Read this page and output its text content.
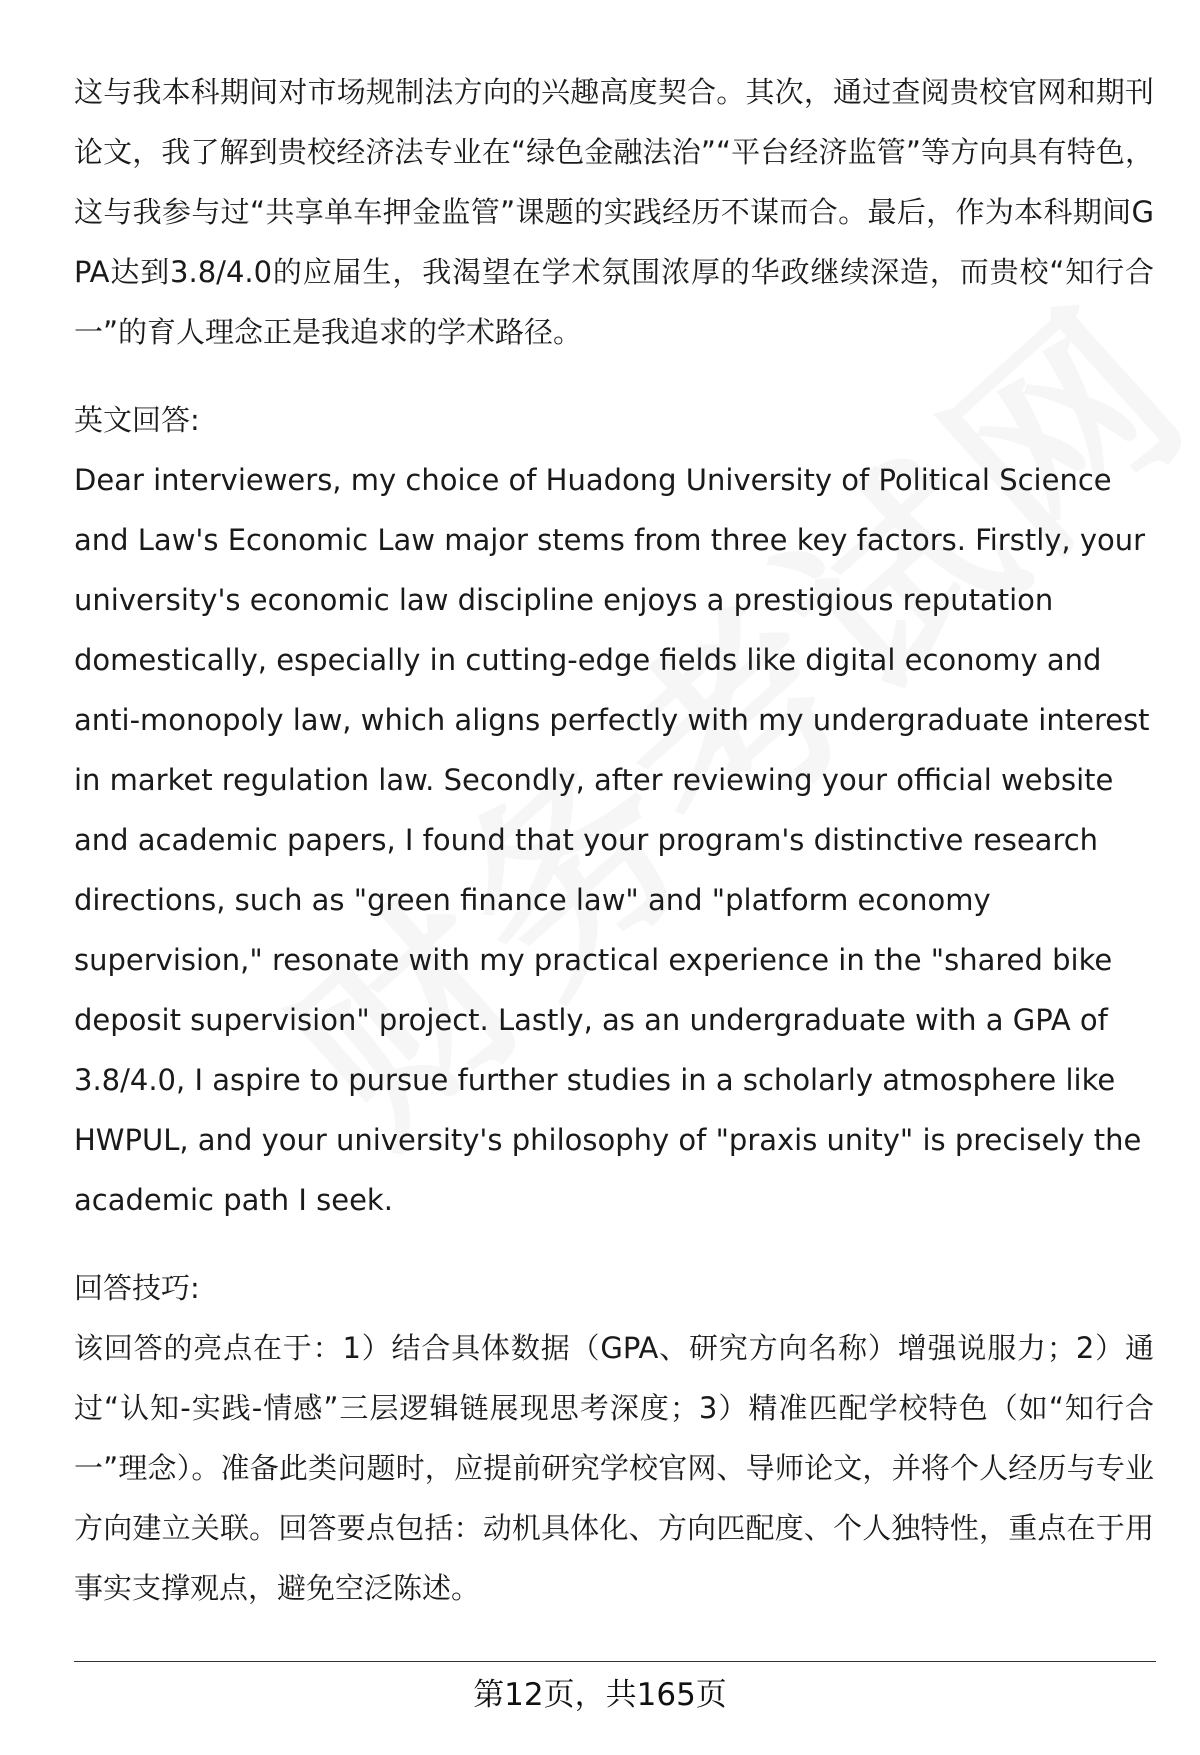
这与我本科期间对市场规制法方向的兴趣高度契合。其次，通过查阅贵校官网和期刊论文，我了解到贵校经济法专业在“绿色金融法治”“平台经济监管”等方向具有特色，这与我参与过“共享单车押金监管”课题的实践经历不谋而合。最后，作为本科期间GPA达到3.8/4.0的应届生，我渴望在学术氛围浓厚的华政继续深造，而贵校“知行合一”的育人理念正是我追求的学术路径。

英文回答:

Dear interviewers, my choice of Huadong University of Political Science and Law's Economic Law major stems from three key factors. Firstly, your university's economic law discipline enjoys a prestigious reputation domestically, especially in cutting-edge fields like digital economy and anti-monopoly law, which aligns perfectly with my undergraduate interest in market regulation law. Secondly, after reviewing your official website and academic papers, I found that your program's distinctive research directions, such as "green finance law" and "platform economy supervision," resonate with my practical experience in the "shared bike deposit supervision" project. Lastly, as an undergraduate with a GPA of 3.8/4.0, I aspire to pursue further studies in a scholarly atmosphere like HWPUL, and your university's philosophy of "praxis unity" is precisely the academic path I seek.

回答技巧:

该回答的亮点在于：1）结合具体数据（GPA、研究方向名称）增强说服力；2）通过“认知-实践-情感”三层逻辑链展现思考深度；3）精准匹配学校特色（如“知行合一”理念）。准备此类问题时，应提前研究学校官网、导师论文，并将个人经历与专业方向建立关联。回答要点包括：动机具体化、方向匹配度、个人独特性，重点在于用事实支撑观点，避免空泛陈述。

第12页，共165页
